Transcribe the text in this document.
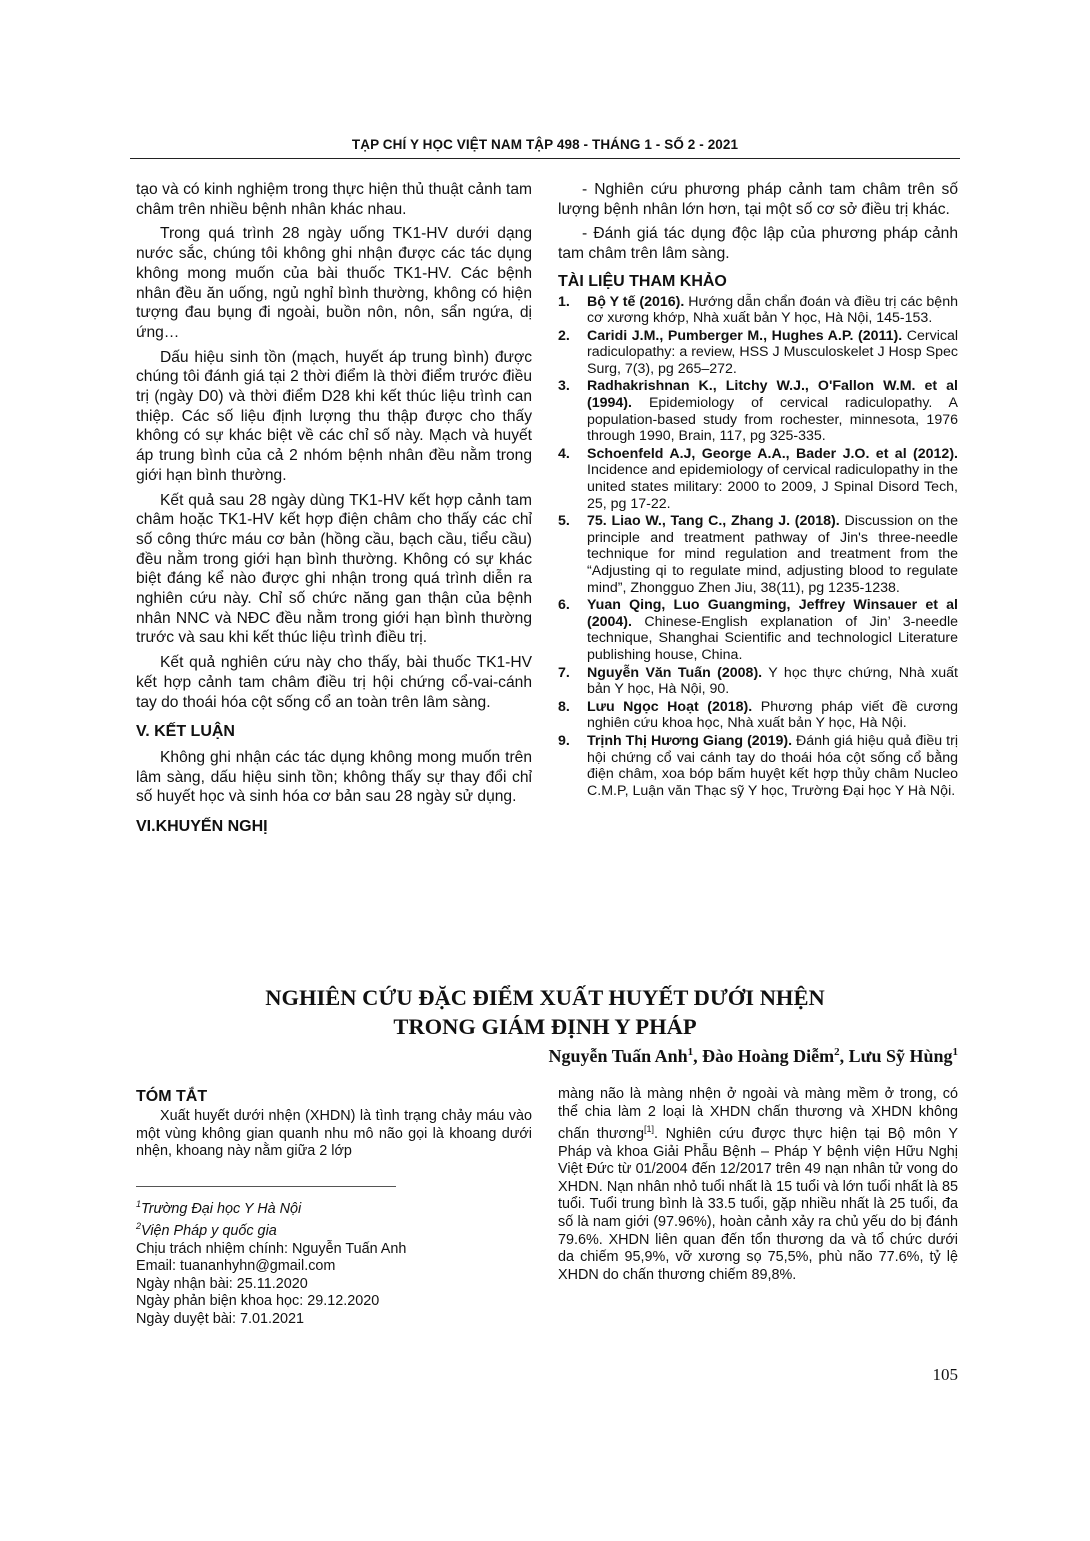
TẠP CHÍ Y HỌC VIỆT NAM TẬP 498 - THÁNG 1 - SỐ 2 - 2021

tạo và có kinh nghiệm trong thực hiện thủ thuật cảnh tam châm trên nhiều bệnh nhân khác nhau.

Trong quá trình 28 ngày uống TK1-HV dưới dạng nước sắc, chúng tôi không ghi nhận được các tác dụng không mong muốn của bài thuốc TK1-HV. Các bệnh nhân đều ăn uống, ngủ nghỉ bình thường, không có hiện tượng đau bụng đi ngoài, buồn nôn, nôn, sẩn ngứa, dị ứng…

Dấu hiệu sinh tồn (mạch, huyết áp trung bình) được chúng tôi đánh giá tại 2 thời điểm là thời điểm trước điều trị (ngày D0) và thời điểm D28 khi kết thúc liệu trình can thiệp. Các số liệu định lượng thu thập được cho thấy không có sự khác biệt về các chỉ số này. Mạch và huyết áp trung bình của cả 2 nhóm bệnh nhân đều nằm trong giới hạn bình thường.

Kết quả sau 28 ngày dùng TK1-HV kết hợp cảnh tam châm hoặc TK1-HV kết hợp điện châm cho thấy các chỉ số công thức máu cơ bản (hồng cầu, bạch cầu, tiểu cầu) đều nằm trong giới hạn bình thường. Không có sự khác biệt đáng kể nào được ghi nhận trong quá trình diễn ra nghiên cứu này. Chỉ số chức năng gan thận của bệnh nhân NNC và NĐC đều nằm trong giới hạn bình thường trước và sau khi kết thúc liệu trình điều trị.

Kết quả nghiên cứu này cho thấy, bài thuốc TK1-HV kết hợp cảnh tam châm điều trị hội chứng cổ-vai-cánh tay do thoái hóa cột sống cổ an toàn trên lâm sàng.

V. KẾT LUẬN

Không ghi nhận các tác dụng không mong muốn trên lâm sàng, dấu hiệu sinh tồn; không thấy sự thay đổi chỉ số huyết học và sinh hóa cơ bản sau 28 ngày sử dụng.

VI.KHUYẾN NGHỊ

- Nghiên cứu phương pháp cảnh tam châm trên số lượng bệnh nhân lớn hơn, tại một số cơ sở điều trị khác.

- Đánh giá tác dụng độc lập của phương pháp cảnh tam châm trên lâm sàng.

TÀI LIỆU THAM KHẢO
1. Bộ Y tế (2016). Hướng dẫn chẩn đoán và điều trị các bệnh cơ xương khớp, Nhà xuất bản Y học, Hà Nội, 145-153.
2. Caridi J.M., Pumberger M., Hughes A.P. (2011). Cervical radiculopathy: a review, HSS J Musculoskelet J Hosp Spec Surg, 7(3), pg 265–272.
3. Radhakrishnan K., Litchy W.J., O'Fallon W.M. et al (1994). Epidemiology of cervical radiculopathy. A population-based study from rochester, minnesota, 1976 through 1990, Brain, 117, pg 325-335.
4. Schoenfeld A.J, George A.A., Bader J.O. et al (2012). Incidence and epidemiology of cervical radiculopathy in the united states military: 2000 to 2009, J Spinal Disord Tech, 25, pg 17-22.
5. 75. Liao W., Tang C., Zhang J. (2018). Discussion on the principle and treatment pathway of Jin's three-needle technique for mind regulation and treatment from the “Adjusting qi to regulate mind, adjusting blood to regulate mind”, Zhongguo Zhen Jiu, 38(11), pg 1235-1238.
6. Yuan Qing, Luo Guangming, Jeffrey Winsauer et al (2004). Chinese-English explanation of Jin’ 3-needle technique, Shanghai Scientific and technologicl Literature publishing house, China.
7. Nguyễn Văn Tuấn (2008). Y học thực chứng, Nhà xuất bản Y học, Hà Nội, 90.
8. Lưu Ngọc Hoạt (2018). Phương pháp viết đề cương nghiên cứu khoa học, Nhà xuất bản Y học, Hà Nội.
9. Trịnh Thị Hương Giang (2019). Đánh giá hiệu quả điều trị hội chứng cổ vai cánh tay do thoái hóa cột sống cổ bằng điện châm, xoa bóp bấm huyệt kết hợp thủy châm Nucleo C.M.P, Luận văn Thạc sỹ Y học, Trường Đại học Y Hà Nội.
NGHIÊN CỨU ĐẶC ĐIỂM XUẤT HUYẾT DƯỚI NHỆN
TRONG GIÁM ĐỊNH Y PHÁP
Nguyễn Tuấn Anh$^1$, Đào Hoàng Diễm$^2$, Lưu Sỹ Hùng$^1$
TÓM TẮT

Xuất huyết dưới nhện (XHDN) là tình trạng chảy máu vào một vùng không gian quanh nhu mô não gọi là khoang dưới nhện, khoang này nằm giữa 2 lớp

màng não là màng nhện ở ngoài và màng mềm ở trong, có thể chia làm 2 loại là XHDN chấn thương và XHDN không chấn thương[1]. Nghiên cứu được thực hiện tại Bộ môn Y Pháp và khoa Giải Phẫu Bệnh – Pháp Y bệnh viện Hữu Nghị Việt Đức từ 01/2004 đến 12/2017 trên 49 nạn nhân tử vong do XHDN. Nạn nhân nhỏ tuổi nhất là 15 tuổi và lớn tuổi nhất là 85 tuổi. Tuổi trung bình là 33.5 tuổi, gặp nhiều nhất là 25 tuổi, đa số là nam giới (97.96%), hoàn cảnh xảy ra chủ yếu do bị đánh 79.6%. XHDN liên quan đến tổn thương da và tổ chức dưới da chiếm 95,9%, vỡ xương sọ 75,5%, phù não 77.6%, tỷ lệ XHDN do chấn thương chiếm 89,8%.

$^1$Trường Đại học Y Hà Nội
$^2$Viện Pháp y quốc gia
Chịu trách nhiệm chính: Nguyễn Tuấn Anh
Email: tuananhyhn@gmail.com
Ngày nhận bài: 25.11.2020
Ngày phản biện khoa học: 29.12.2020
Ngày duyệt bài: 7.01.2021
105
